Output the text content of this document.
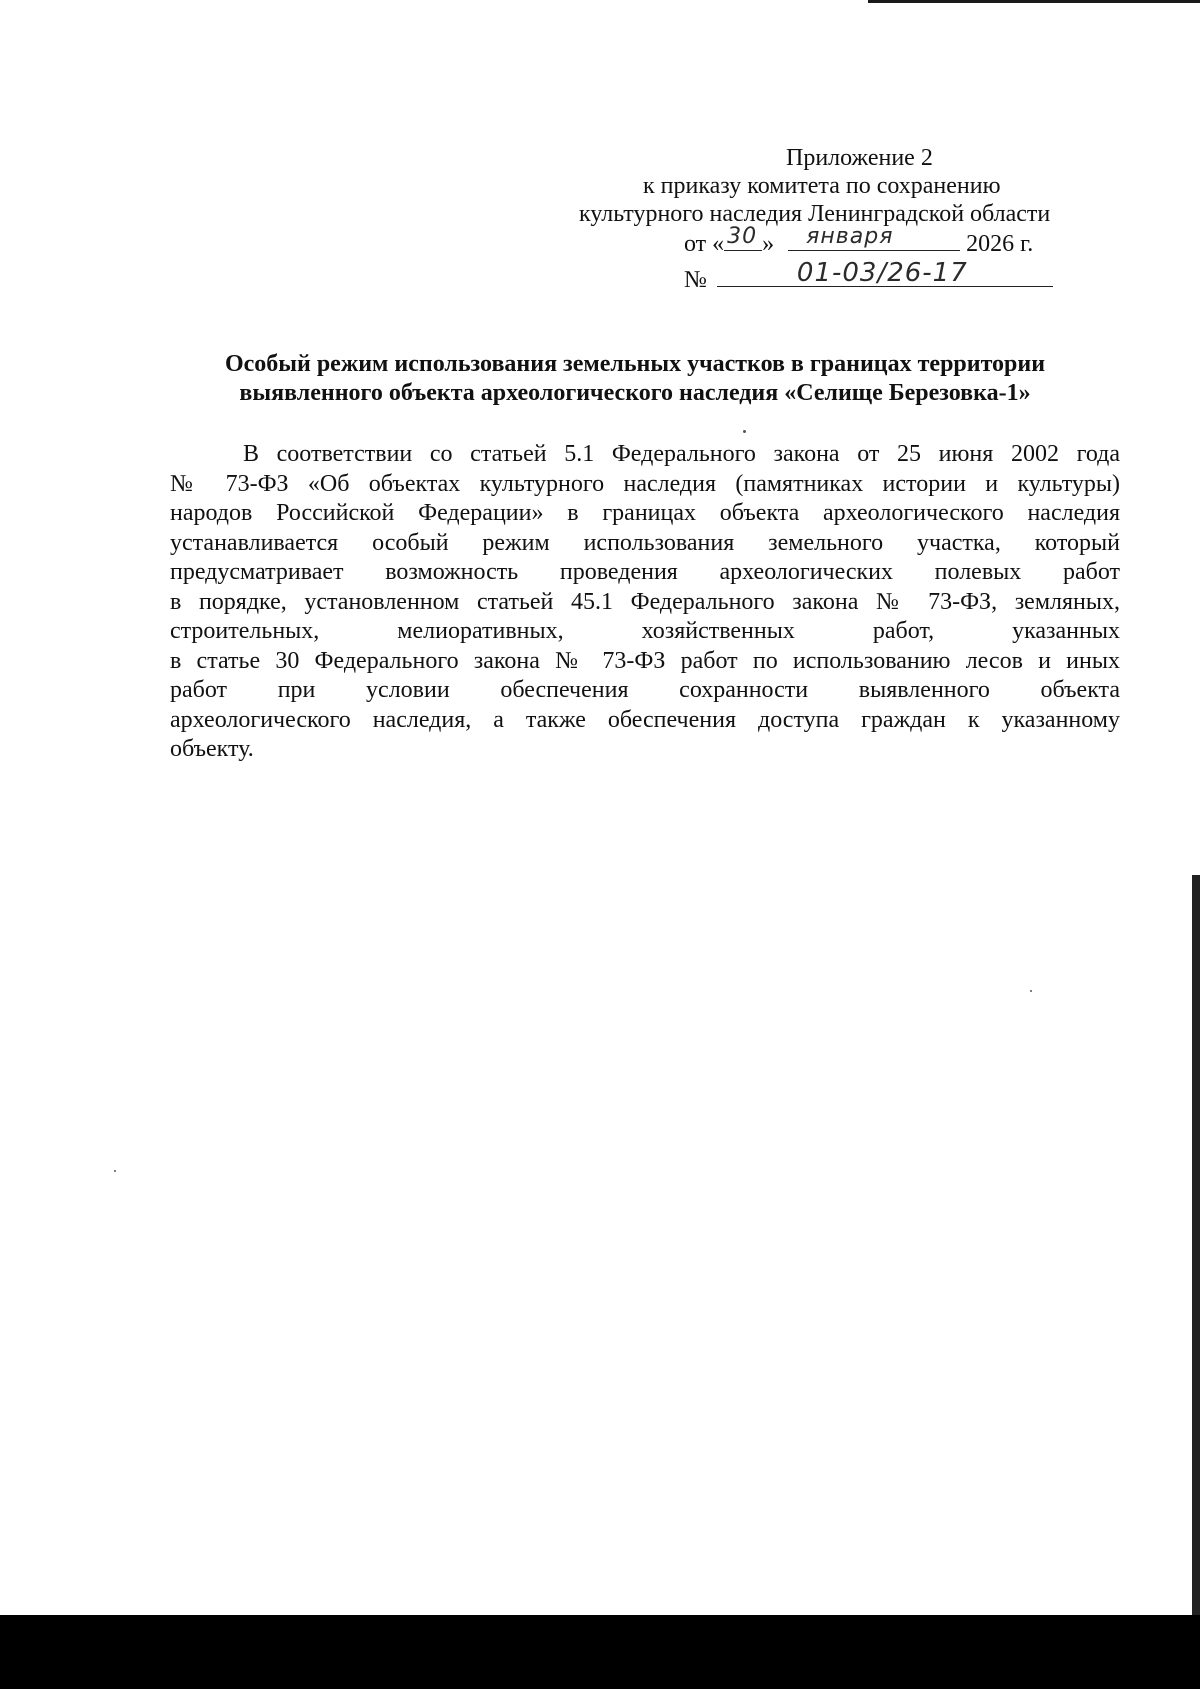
Приложение 2
к приказу комитета по сохранению
культурного наследия Ленинградской области
от « 30 » января	2026 г.
№	01-03/26-17
Особый режим использования земельных участков в границах территории
выявленного объекта археологического наследия «Селище Березовка-1»
В соответствии со статьей 5.1 Федерального закона от 25 июня 2002 года
№ 73-ФЗ «Об объектах культурного наследия (памятниках истории и культуры)
народов Российской Федерации» в границах объекта археологического наследия
устанавливается особый режим использования земельного участка, который
предусматривает возможность проведения археологических полевых работ
в порядке, установленном статьей 45.1 Федерального закона № 73-ФЗ, земляных,
строительных, мелиоративных, хозяйственных работ, указанных
в статье 30 Федерального закона № 73-ФЗ работ по использованию лесов и иных
работ при условии обеспечения сохранности выявленного объекта
археологического наследия, а также обеспечения доступа граждан к указанному
объекту.
